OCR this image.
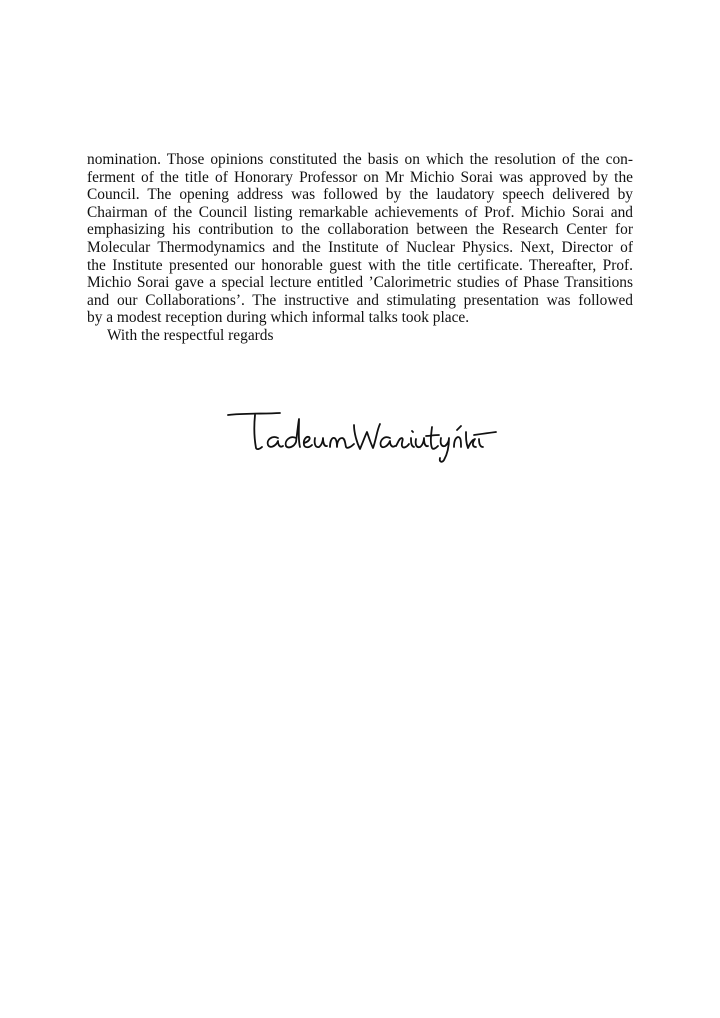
nomination. Those opinions constituted the basis on which the resolution of the con-
ferment of the title of Honorary Professor on Mr Michio Sorai was approved by the
Council. The opening address was followed by the laudatory speech delivered by
Chairman of the Council listing remarkable achievements of Prof. Michio Sorai and
emphasizing his contribution to the collaboration between the Research Center for
Molecular Thermodynamics and the Institute of Nuclear Physics. Next, Director of
the Institute presented our honorable guest with the title certificate. Thereafter, Prof.
Michio Sorai gave a special lecture entitled ’Calorimetric studies of Phase Transitions
and our Collaborations’. The instructive and stimulating presentation was followed
by a modest reception during which informal talks took place.
With the respectful regards
